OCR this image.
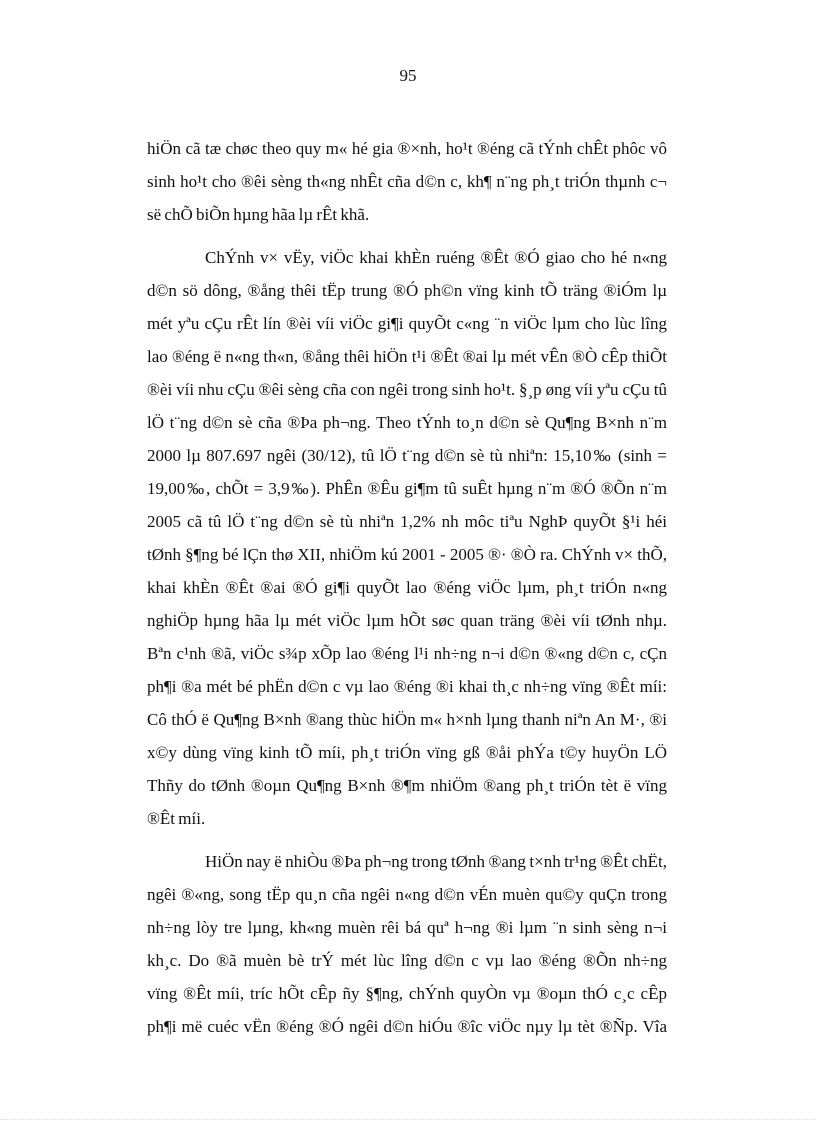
95
hiÖn cã tæ chøc theo quy m« hé gia ®×nh, ho¹t ®éng cã tÝnh chÊt phôc vô
sinh ho¹t cho ®êi sèng th«ng nhÊt cña d©n c, kh¶ n¨ng ph¸t triÓn thµnh c¬
së chÕ biÕn hµng hãa lµ rÊt khã.
ChÝnh v× vËy, viÖc khai khÈn ruéng ®Êt ®Ó giao cho hé n«ng
d©n sö dông, ®ång thêi tËp trung ®Ó ph©n vïng kinh tÕ träng ®iÓm lµ
mét yªu cÇu rÊt lín ®èi víi viÖc gi¶i quyÕt c«ng ¨n viÖc lµm cho lùc lîng
lao ®éng ë n«ng th«n, ®ång thêi hiÖn t¹i ®Êt ®ai lµ mét vÊn ®Ò cÊp thiÕt
®èi víi nhu cÇu ®êi sèng cña con ngêi trong sinh ho¹t. §¸p øng víi yªu cÇu tû
lÖ t¨ng d©n sè cña ®Þa ph¬ng. Theo tÝnh to¸n d©n sè Qu¶ng B×nh n¨m
2000 lµ 807.697 ngêi (30/12), tû lÖ t¨ng d©n sè tù nhiªn: 15,10‰ (sinh =
19,00‰, chÕt = 3,9‰). PhÊn ®Êu gi¶m tû suÊt hµng n¨m ®Ó ®Õn n¨m
2005 cã tû lÖ t¨ng d©n sè tù nhiªn 1,2% nh môc tiªu NghÞ quyÕt §¹i héi
tØnh §¶ng bé lÇn thø XII, nhiÖm kú 2001 - 2005 ®· ®Ò ra. ChÝnh v× thÕ,
khai khÈn ®Êt ®ai ®Ó gi¶i quyÕt lao ®éng viÖc lµm, ph¸t triÓn n«ng
nghiÖp hµng hãa lµ mét viÖc lµm hÕt søc quan träng ®èi víi tØnh nhµ.
Bªn c¹nh ®ã, viÖc s¾p xÕp lao ®éng l¹i nh÷ng n¬i d©n ®«ng d©n c, cÇn
ph¶i ®a mét bé phËn d©n c vµ lao ®éng ®i khai th¸c nh÷ng vïng ®Êt míi:
Cô thÓ ë Qu¶ng B×nh ®ang thùc hiÖn m« h×nh lµng thanh niªn An M·, ®i
x©y dùng vïng kinh tÕ míi, ph¸t triÓn vïng gß ®åi phÝa t©y huyÖn LÖ
Thñy do tØnh ®oµn Qu¶ng B×nh ®¶m nhiÖm ®ang ph¸t triÓn tèt ë vïng
®Êt míi.
HiÖn nay ë nhiÒu ®Þa ph¬ng trong tØnh ®ang t×nh tr¹ng ®Êt chËt,
ngêi ®«ng, song tËp qu¸n cña ngêi n«ng d©n vÉn muèn qu©y quÇn trong
nh÷ng lòy tre lµng, kh«ng muèn rêi bá quª h¬ng ®i lµm ¨n sinh sèng n¬i
kh¸c. Do ®ã muèn bè trÝ mét lùc lîng d©n c vµ lao ®éng ®Õn nh÷ng
vïng ®Êt míi, tríc hÕt cÊp ñy §¶ng, chÝnh quyÒn vµ ®oµn thÓ c¸c cÊp
ph¶i më cuéc vËn ®éng ®Ó ngêi d©n hiÓu ®îc viÖc nµy lµ tèt ®Ñp. Vîa
